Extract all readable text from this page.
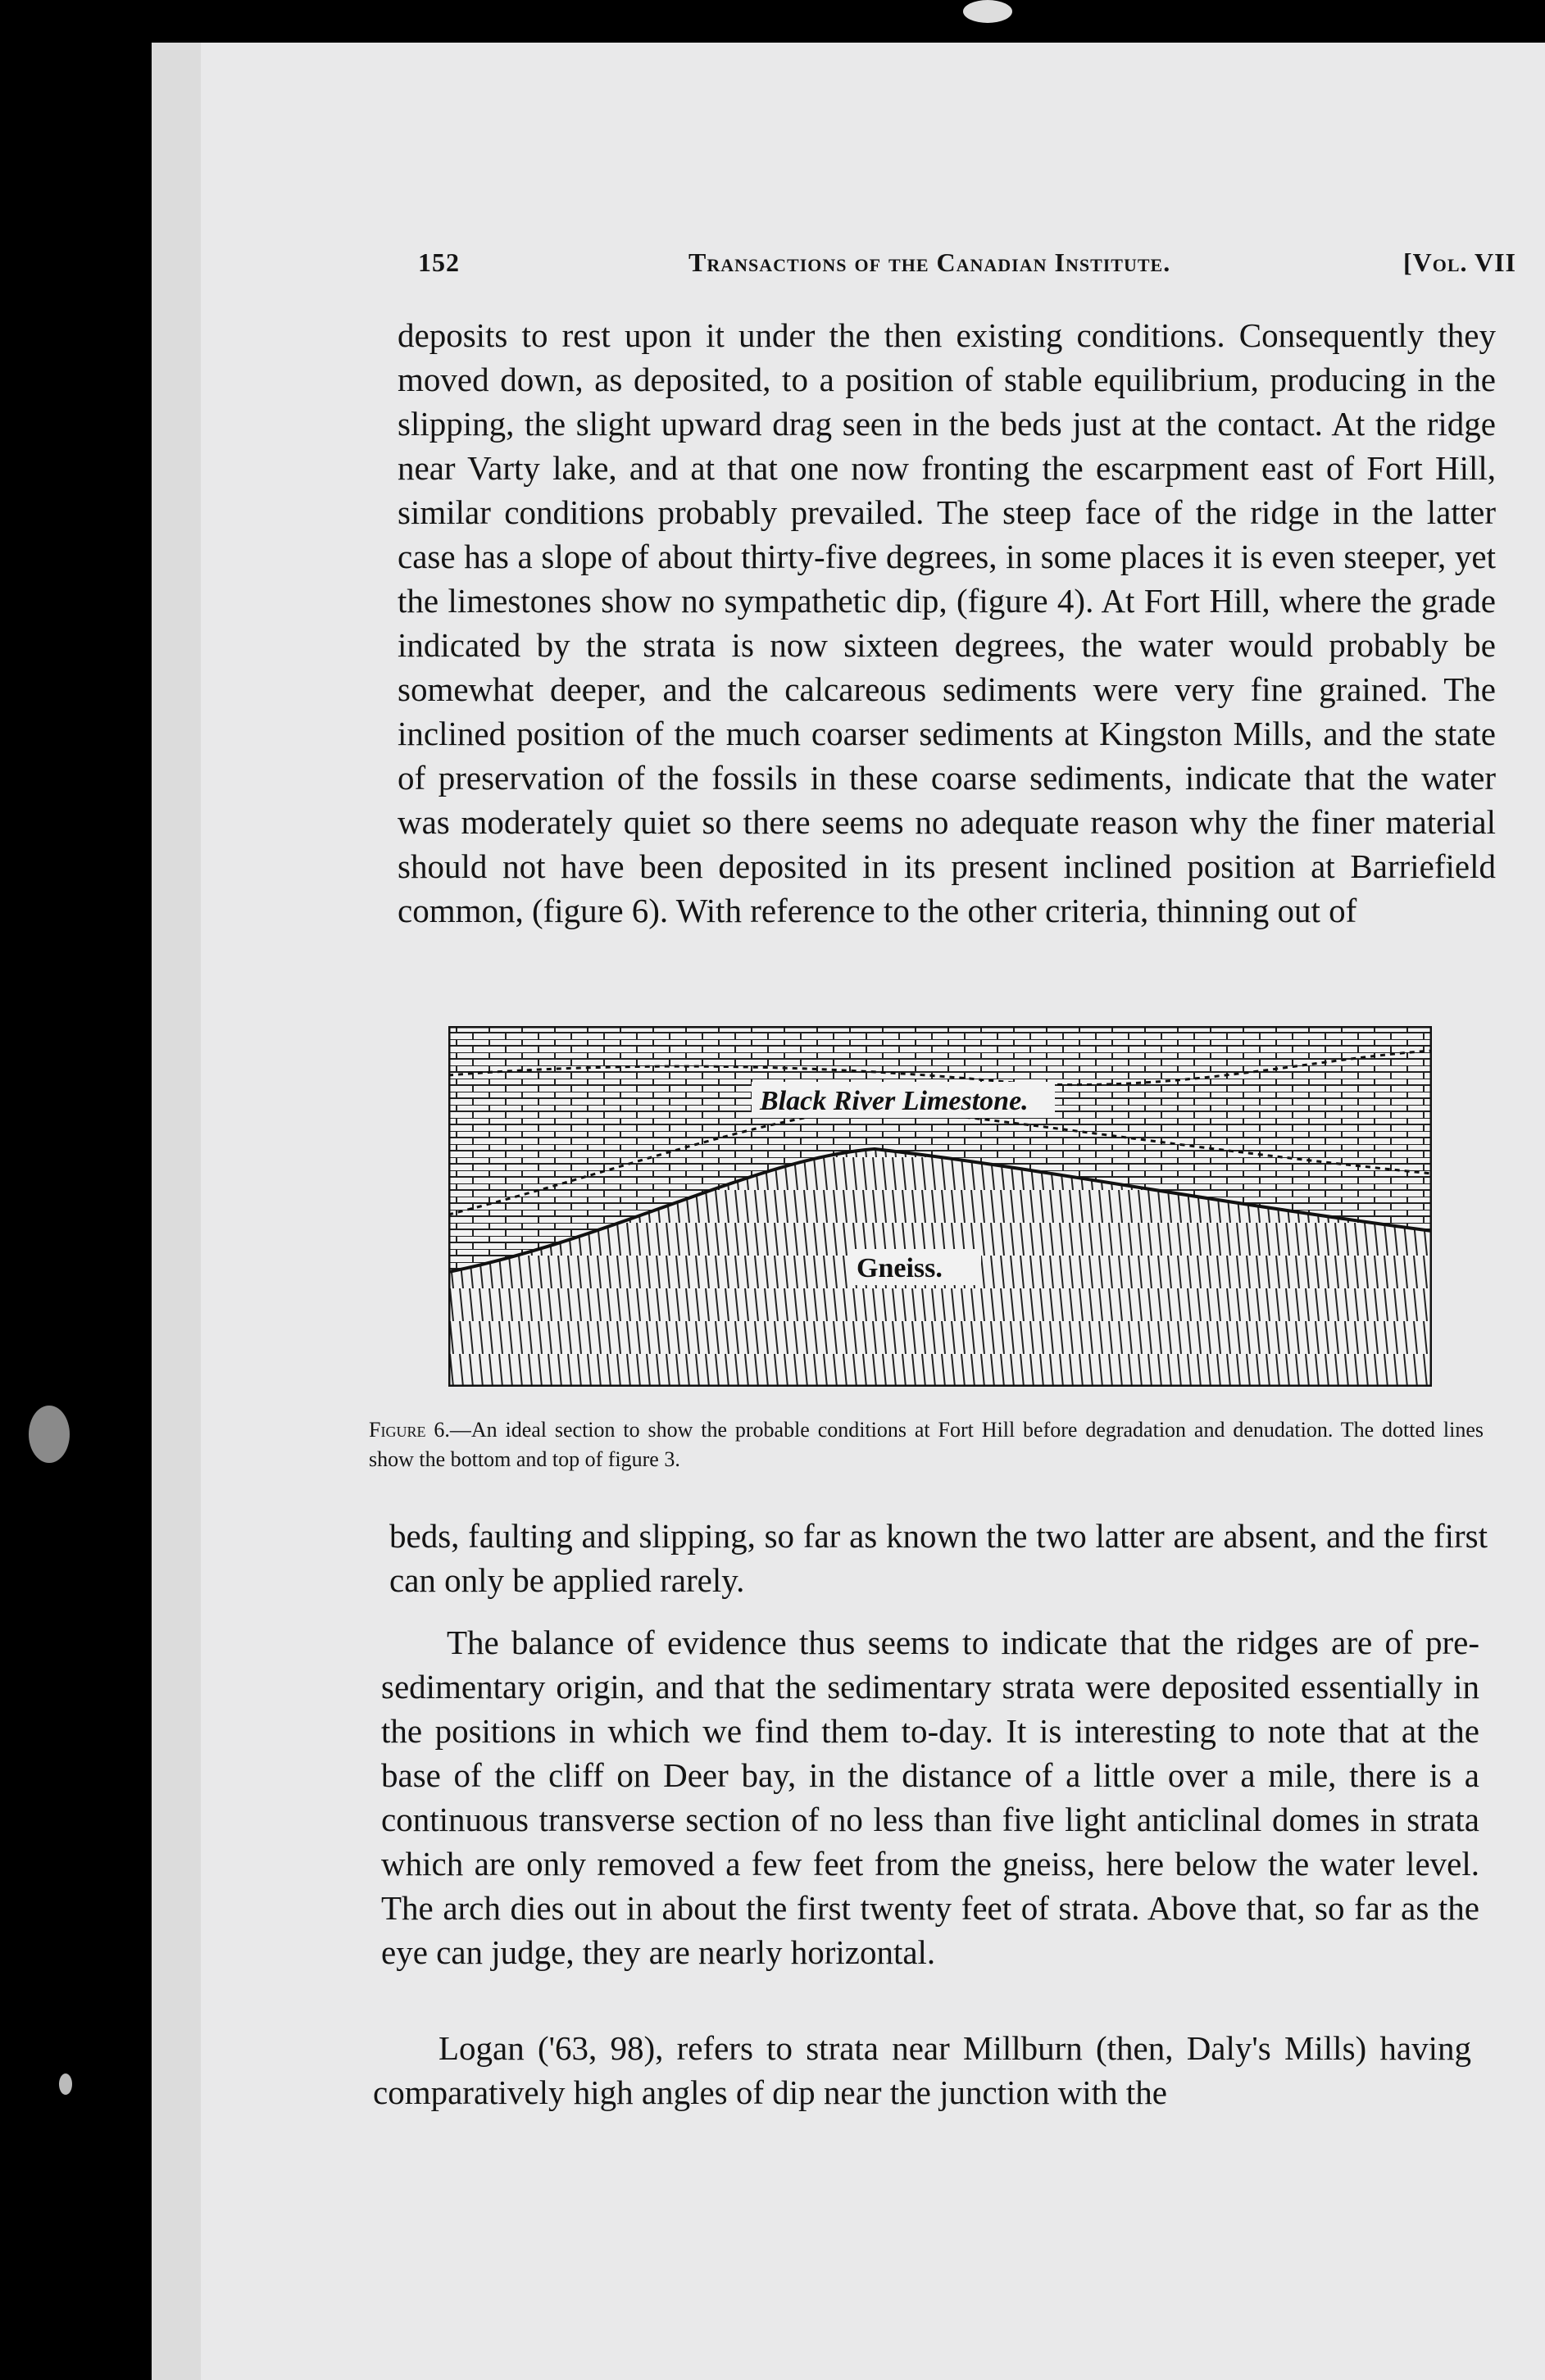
152	Transactions of the Canadian Institute.	[Vol. VII

deposits to rest upon it under the then existing conditions. Consequently they moved down, as deposited, to a position of stable equilibrium, producing in the slipping, the slight upward drag seen in the beds just at the contact. At the ridge near Varty lake, and at that one now fronting the escarpment east of Fort Hill, similar conditions probably prevailed. The steep face of the ridge in the latter case has a slope of about thirty-five degrees, in some places it is even steeper, yet the limestones show no sympathetic dip, (figure 4). At Fort Hill, where the grade indicated by the strata is now sixteen degrees, the water would probably be somewhat deeper, and the calcareous sediments were very fine grained. The inclined position of the much coarser sediments at Kingston Mills, and the state of preservation of the fossils in these coarse sediments, indicate that the water was moderately quiet so there seems no adequate reason why the finer material should not have been deposited in its present inclined position at Barriefield common, (figure 6). With reference to the other criteria, thinning out of

Black River Limestone.
Gneiss.
Figure 6.—An ideal section to show the probable conditions at Fort Hill before degradation and denudation. The dotted lines show the bottom and top of figure 3.

beds, faulting and slipping, so far as known the two latter are absent, and the first can only be applied rarely.

The balance of evidence thus seems to indicate that the ridges are of pre-sedimentary origin, and that the sedimentary strata were deposited essentially in the positions in which we find them to-day. It is interesting to note that at the base of the cliff on Deer bay, in the distance of a little over a mile, there is a continuous transverse section of no less than five light anticlinal domes in strata which are only removed a few feet from the gneiss, here below the water level. The arch dies out in about the first twenty feet of strata. Above that, so far as the eye can judge, they are nearly horizontal.

Logan ('63, 98), refers to strata near Millburn (then, Daly's Mills) having comparatively high angles of dip near the junction with the
